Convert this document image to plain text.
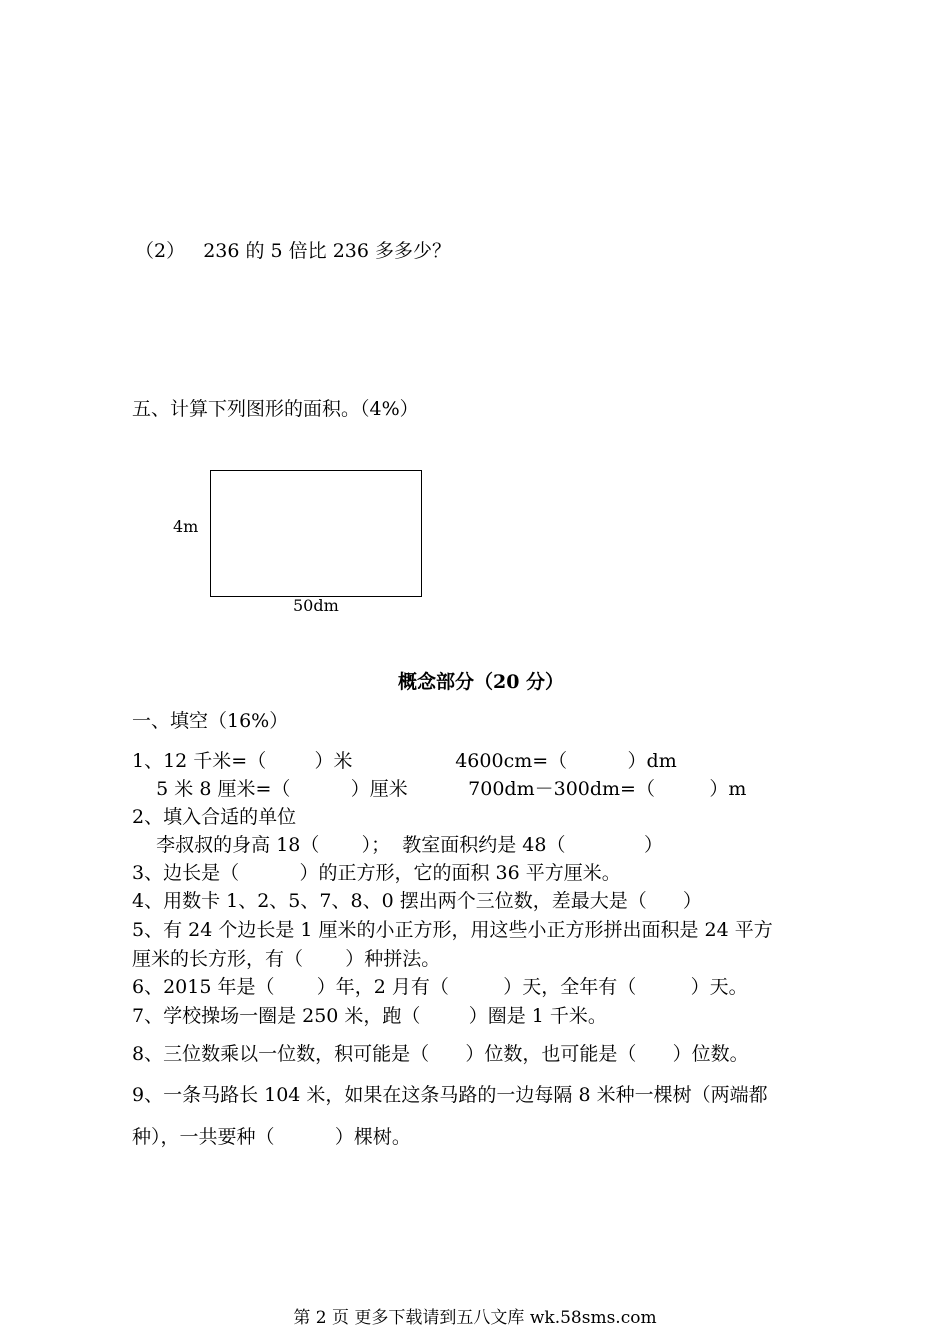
（2）   236 的 5 倍比 236 多多少？
五、计算下列图形的面积。（4%）
4m
50dm
概念部分（20 分）
一、填空（16%）
1、12 千米=（        ）米                 4600cm=（          ）dm
5 米 8 厘米=（          ）厘米          700dm－300dm=（         ）m
2、填入合适的单位
李叔叔的身高 18（       ）；  教室面积约是 48（             ）
3、边长是（          ）的正方形，它的面积 36 平方厘米。
4、用数卡 1、2、5、7、8、0 摆出两个三位数，差最大是（      ）
5、有 24 个边长是 1 厘米的小正方形，用这些小正方形拼出面积是 24 平方
厘米的长方形，有（       ）种拼法。
6、2015 年是（       ）年，2 月有（         ）天，全年有（         ）天。
7、学校操场一圈是 250 米，跑（        ）圈是 1 千米。
8、三位数乘以一位数，积可能是（      ）位数，也可能是（      ）位数。
9、一条马路长 104 米，如果在这条马路的一边每隔 8 米种一棵树（两端都
种），一共要种（          ）棵树。
第 2 页 更多下载请到五八文库 wk.58sms.com
